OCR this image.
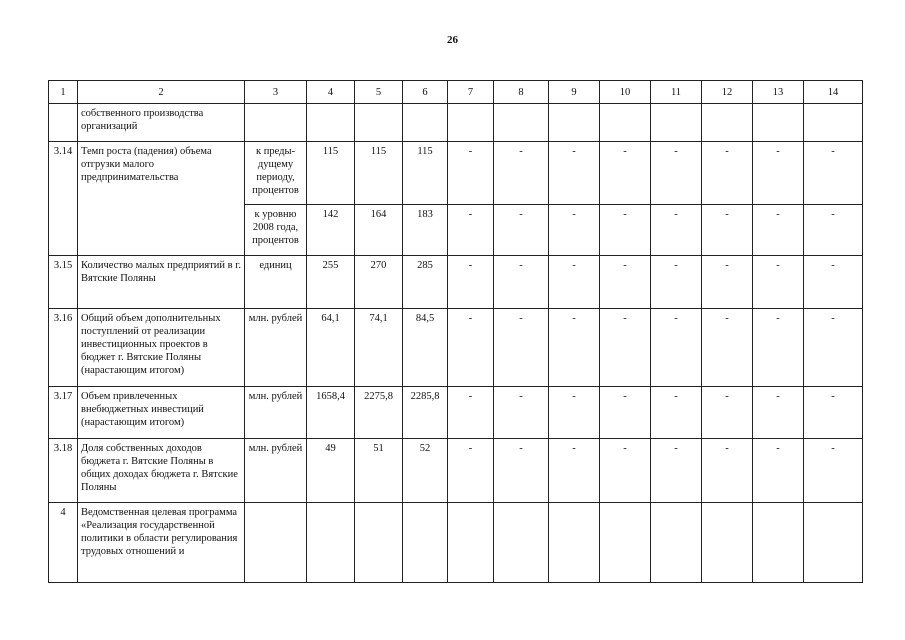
26
1	2	3	4	5	6	7	8	9	10	11	12	13	14
	собственного производства организаций												
3.14	Темп роста (падения) объема отгрузки малого предпринимательства	к преды-дущему периоду, процентов	115	115	115	-	-	-	-	-	-	-	-
		к уровню 2008 года, процентов	142	164	183	-	-	-	-	-	-	-	-
3.15	Количество малых предприятий в г. Вятские Поляны	единиц	255	270	285	-	-	-	-	-	-	-	-
3.16	Общий объем дополнительных поступлений от реализации инвестиционных проектов в бюджет г. Вятские Поляны (нарастающим итогом)	млн. рублей	64,1	74,1	84,5	-	-	-	-	-	-	-	-
3.17	Объем привлеченных внебюджетных инвестиций (нарастающим итогом)	млн. рублей	1658,4	2275,8	2285,8	-	-	-	-	-	-	-	-
3.18	Доля собственных доходов бюджета г. Вятские Поляны в общих доходах бюджета г. Вятские Поляны	млн. рублей	49	51	52	-	-	-	-	-	-	-	-
4	Ведомственная целевая программа «Реализация государственной политики в области регулирования трудовых отношений и												
